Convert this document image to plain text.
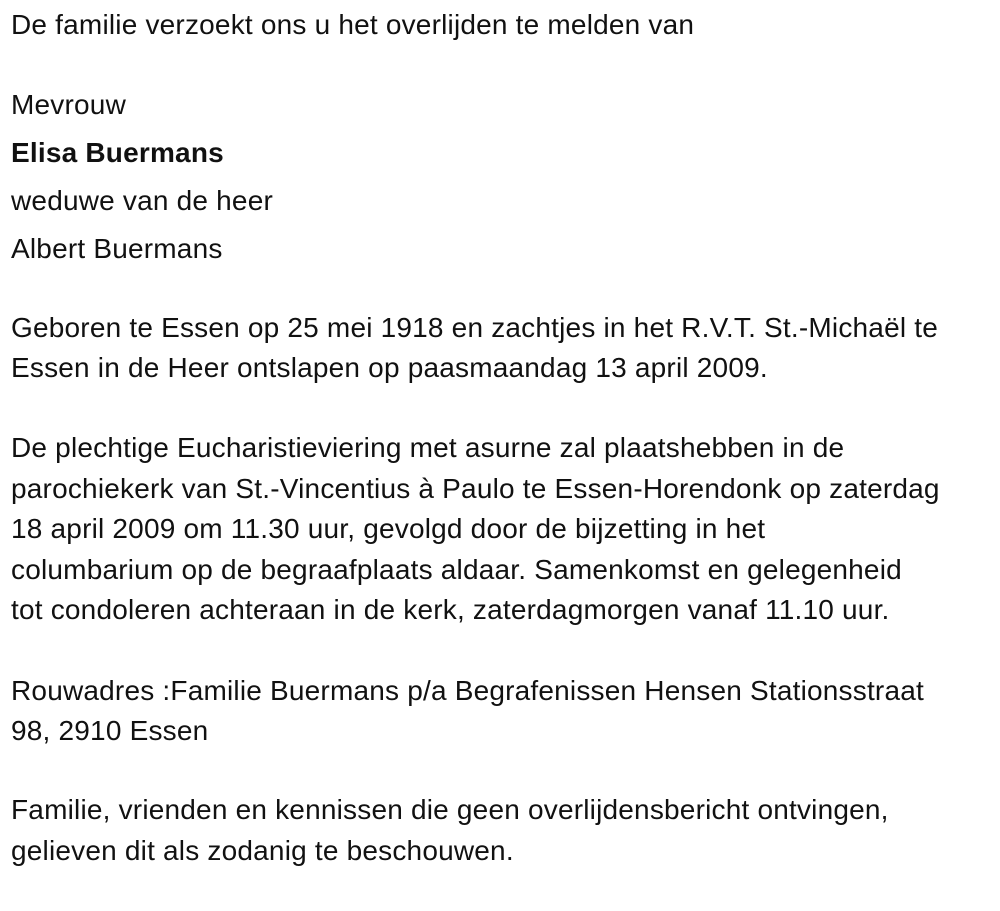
De familie verzoekt ons u het overlijden te melden van
Mevrouw
Elisa Buermans
weduwe van de heer
Albert Buermans
Geboren te Essen op 25 mei 1918 en zachtjes in het R.V.T. St.-Michaël te
Essen in de Heer ontslapen op paasmaandag 13 april 2009.
De plechtige Eucharistieviering met asurne zal plaatshebben in de
parochiekerk van St.-Vincentius à Paulo te Essen-Horendonk op zaterdag
18 april 2009 om 11.30 uur, gevolgd door de bijzetting in het
columbarium op de begraafplaats aldaar. Samenkomst en gelegenheid
tot condoleren achteraan in de kerk, zaterdagmorgen vanaf 11.10 uur.
Rouwadres :Familie Buermans p/a Begrafenissen Hensen Stationsstraat
98, 2910 Essen
Familie, vrienden en kennissen die geen overlijdensbericht ontvingen,
gelieven dit als zodanig te beschouwen.
